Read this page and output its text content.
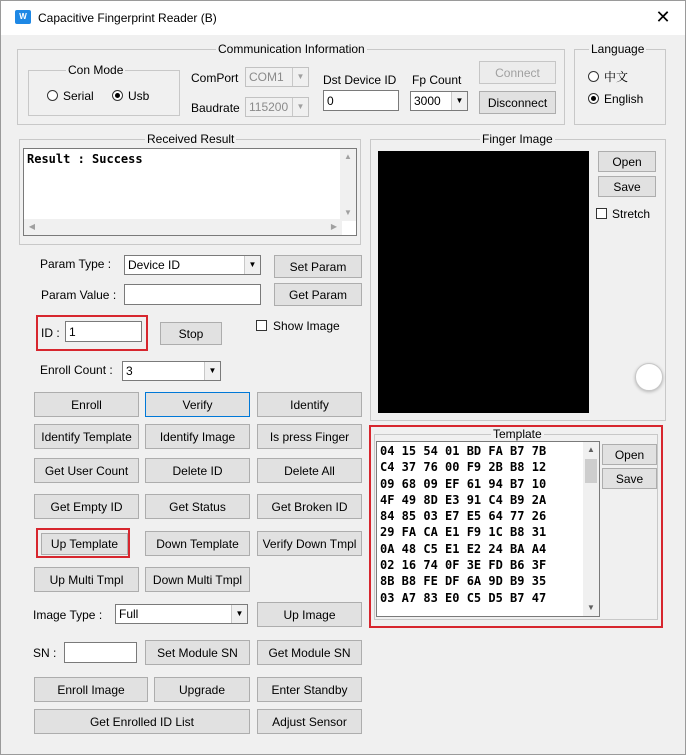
W Capacitive Fingerprint Reader (B)	✕
Communication Information
Con Mode
Serial	Usb
ComPort COM1	▼
Baudrate 115200	▼
Dst Device ID
0 Fp Count
3000	▼
Connect
Disconnect
Language
中文
English
Received Result
Result : Success	▲
▼
◀	▶
Finger Image
Open
Save
Stretch
Param Type :	Device ID	▼	Set Param
Param Value :	Get Param
ID :
1	Stop
Show Image
Enroll Count :	3	▼
Enroll	Verify	Identify
Identify Template	Identify Image	Is press Finger
Get User Count	Delete ID	Delete All
Get Empty ID	Get Status	Get Broken ID
Up Template	Down Template	Verify Down Tmpl
Up Multi Tmpl	Down Multi Tmpl
Image Type :	Full	▼	Up Image
SN :	Set Module SN	Get Module SN
Enroll Image	Upgrade	Enter Standby
Get Enrolled ID List	Adjust Sensor
Template
04 15 54 01 BD FA B7 7B
C4 37 76 00 F9 2B B8 12
09 68 09 EF 61 94 B7 10
4F 49 8D E3 91 C4 B9 2A
84 85 03 E7 E5 64 77 26
29 FA CA E1 F9 1C B8 31
0A 48 C5 E1 E2 24 BA A4
02 16 74 0F 3E FD B6 3F
8B B8 FE DF 6A 9D B9 35
03 A7 83 E0 C5 D5 B7 47
▲
▼
Open
Save
